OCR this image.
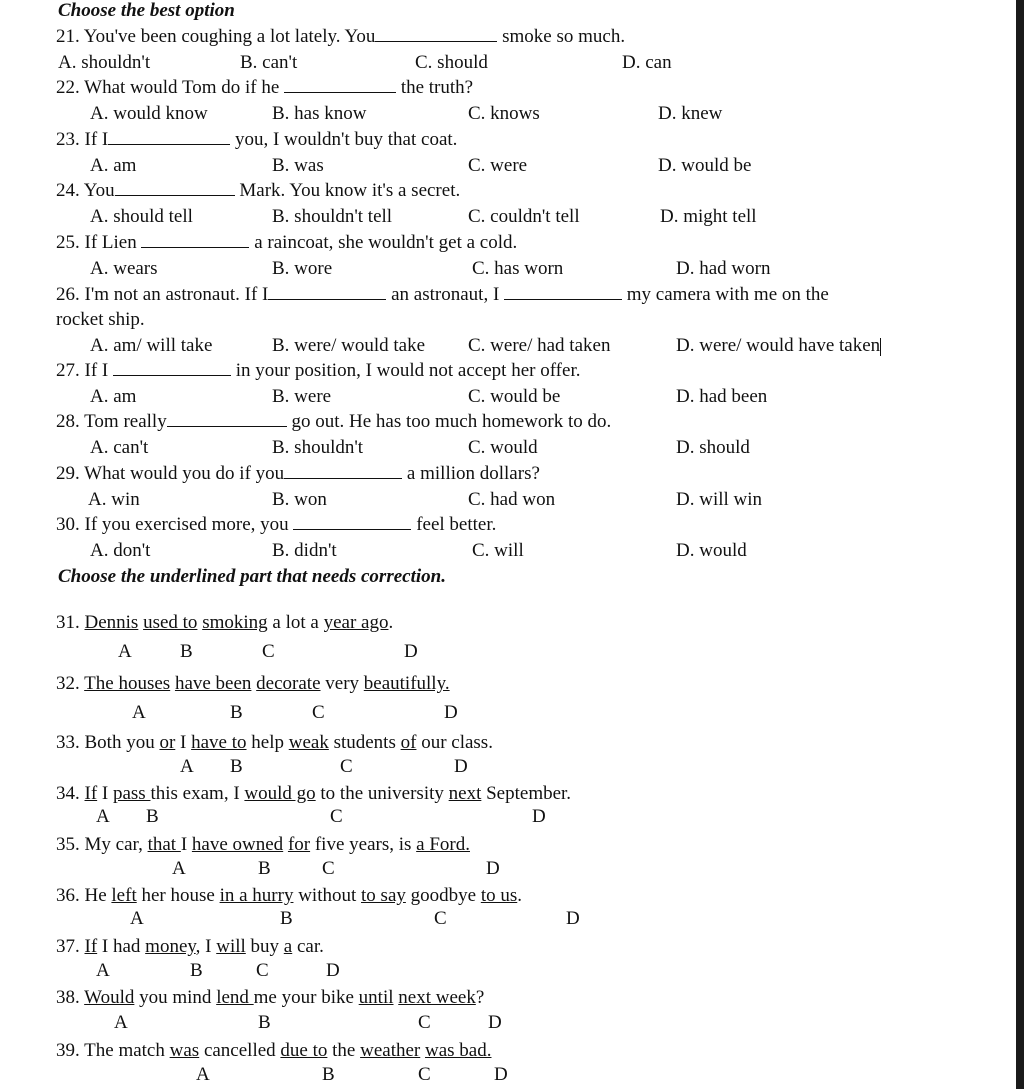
Choose the best option
21. You've been coughing a lot lately. You	smoke so much.
A. shouldn't	B. can't	C. should	D. can
22. What would Tom do if he	the truth?
A. would know	B. has know	C. knows	D. knew
23. If I	you, I wouldn't buy that coat.
A. am	B. was	C. were	D. would be
24. You	Mark. You know it's a secret.
A. should tell	B. shouldn't tell	C. couldn't tell	D. might tell
25. If Lien	a raincoat, she wouldn't get a cold.
A. wears	B. wore	C. has worn	D. had worn
26. I'm not an astronaut. If I	an astronaut, I	my camera with me on the
rocket ship.
A. am/ will take	B. were/ would take C. were/ had taken	D. were/ would have taken
27. If I	in your position, I would not accept her offer.
A. am	B. were	C. would be	D. had been
28. Tom really	go out. He has too much homework to do.
A. can't	B. shouldn't	C. would	D. should
29. What would you do if you	a million dollars?
A. win	B. won	C. had won	D. will win
30. If you exercised more, you	feel better.
A. don't	B. didn't	C. will	D. would
Choose the underlined part that needs correction.
31. Dennis used to smoking a lot a year ago.
A	B	C	D
32. The houses have been decorate very beautifully.
A	B	C	D
33. Both you or I have to help weak students of our class.
A B	C	D
34. If I pass this exam, I would go to the university next September.
A B	C	D
35. My car, that I have owned for five years, is a Ford.
A	B	C	D
36. He left her house in a hurry without to say goodbye to us.
A	B	C	D
37. If I had money, I will buy a car.
A	B	C	D
38. Would you mind lend me your bike until next week?
A	B	C	D
39. The match was cancelled due to the weather was bad.
A	B	C	D
